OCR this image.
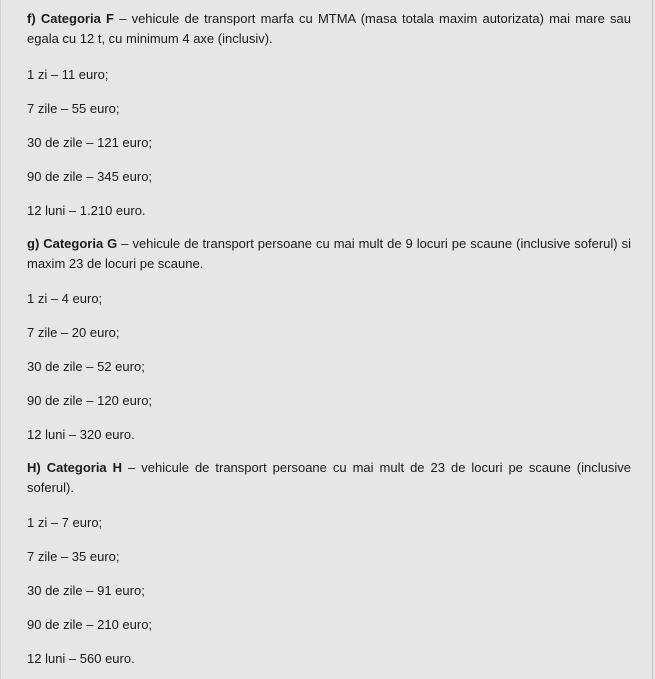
f) Categoria F – vehicule de transport marfa cu MTMA (masa totala maxim autorizata) mai mare sau egala cu 12 t, cu minimum 4 axe (inclusiv).

1 zi – 11 euro;

7 zile – 55 euro;

30 de zile – 121 euro;

90 de zile – 345 euro;

12 luni – 1.210 euro.

g) Categoria G – vehicule de transport persoane cu mai mult de 9 locuri pe scaune (inclusive soferul) si maxim 23 de locuri pe scaune.

1 zi – 4 euro;

7 zile – 20 euro;

30 de zile – 52 euro;

90 de zile – 120 euro;

12 luni – 320 euro.

H) Categoria H – vehicule de transport persoane cu mai mult de 23 de locuri pe scaune (inclusive soferul).

1 zi – 7 euro;

7 zile – 35 euro;

30 de zile – 91 euro;

90 de zile – 210 euro;

12 luni – 560 euro.
